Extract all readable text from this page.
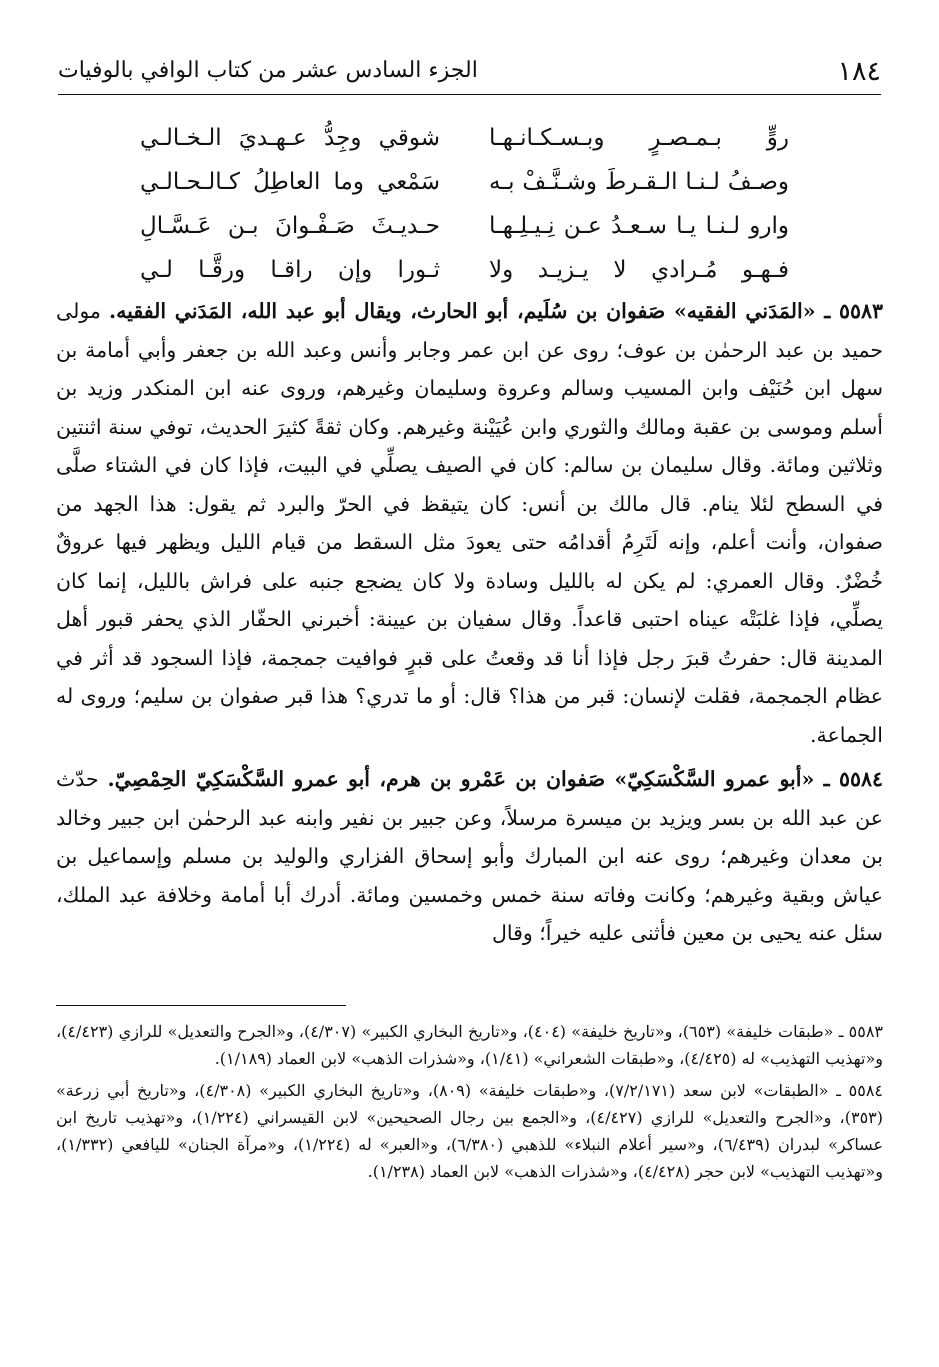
١٨٤
الجزء السادس عشر من كتاب الوافي بالوفيات
روٍّ بـمـصـرٍ وبـسـكـانـهـا
شوقي وجِدُّ عـهـديَ الـخـالـي
وصـفُ لـنـا الـقـرطَ وشـنَّـفْ بـه
سَمْعي وما العاطِلُ كـالـحـالـي
وارو لـنـا يـا سـعـدُ عـن نِـيـلِـهـا
حـديـثَ صَـفْـوانَ بـن عَـسَّـالِ
فـهـو مُـرادي لا يـزيـد ولا
ثـورا وإن راقـا ورقَّـا لـي

٥٥٨٣ ـ «المَدَني الفقيه» صَفوان بن سُلَيم، أبو الحارث، ويقال أبو عبد الله، المَدَني الفقيه. مولى حميد بن عبد الرحمٰن بن عوف؛ روى عن ابن عمر وجابر وأنس وعبد الله بن جعفر وأبي أمامة بن سهل ابن حُنَيْف وابن المسيب وسالم وعروة وسليمان وغيرهم، وروى عنه ابن المنكدر وزيد بن أسلم وموسى بن عقبة ومالك والثوري وابن عُيَيْنة وغيرهم. وكان ثقةً كثيرَ الحديث، توفي سنة اثنتين وثلاثين ومائة. وقال سليمان بن سالم: كان في الصيف يصلِّي في البيت، فإذا كان في الشتاء صلَّى في السطح لئلا ينام. قال مالك بن أنس: كان يتيقظ في الحرّ والبرد ثم يقول: هذا الجهد من صفوان، وأنت أعلم، وإنه لَتَرِمُ أقدامُه حتى يعودَ مثل السقط من قيام الليل ويظهر فيها عروقٌ خُضْرٌ. وقال العمري: لم يكن له بالليل وسادة ولا كان يضجع جنبه على فراش بالليل، إنما كان يصلِّي، فإذا غلبَتْه عيناه احتبى قاعداً. وقال سفيان بن عيينة: أخبرني الحفّار الذي يحفر قبور أهل المدينة قال: حفرتُ قبرَ رجل فإذا أنا قد وقعتُ على قبرٍ فوافيت جمجمة، فإذا السجود قد أثر في عظام الجمجمة، فقلت لإنسان: قبر من هذا؟ قال: أو ما تدري؟ هذا قبر صفوان بن سليم؛ وروى له الجماعة.

٥٥٨٤ ـ «أبو عمرو السَّكْسَكِيّ» صَفوان بن عَمْرو بن هرم، أبو عمرو السَّكْسَكِيّ الحِمْصِيّ. حدّث عن عبد الله بن بسر ويزيد بن ميسرة مرسلاً، وعن جبير بن نفير وابنه عبد الرحمٰن ابن جبير وخالد بن معدان وغيرهم؛ روى عنه ابن المبارك وأبو إسحاق الفزاري والوليد بن مسلم وإسماعيل بن عياش وبقية وغيرهم؛ وكانت وفاته سنة خمس وخمسين ومائة. أدرك أبا أمامة وخلافة عبد الملك، سئل عنه يحيى بن معين فأثنى عليه خيراً؛ وقال

٥٥٨٣ ـ «طبقات خليفة» (٦٥٣)، و«تاريخ خليفة» (٤٠٤)، و«تاريخ البخاري الكبير» (٤/٣٠٧)، و«الجرح والتعديل» للرازي (٤/٤٢٣)، و«تهذيب التهذيب» له (٤/٤٢٥)، و«طبقات الشعراني» (١/٤١)، و«شذرات الذهب» لابن العماد (١/١٨٩).

٥٥٨٤ ـ «الطبقات» لابن سعد (٧/٢/١٧١)، و«طبقات خليفة» (٨٠٩)، و«تاريخ البخاري الكبير» (٤/٣٠٨)، و«تاريخ أبي زرعة» (٣٥٣)، و«الجرح والتعديل» للرازي (٤/٤٢٧)، و«الجمع بين رجال الصحيحين» لابن القيسراني (١/٢٢٤)، و«تهذيب تاريخ ابن عساكر» لبدران (٦/٤٣٩)، و«سير أعلام النبلاء» للذهبي (٦/٣٨٠)، و«العبر» له (١/٢٢٤)، و«مرآة الجنان» لليافعي (١/٣٣٢)، و«تهذيب التهذيب» لابن حجر (٤/٤٢٨)، و«شذرات الذهب» لابن العماد (١/٢٣٨).
